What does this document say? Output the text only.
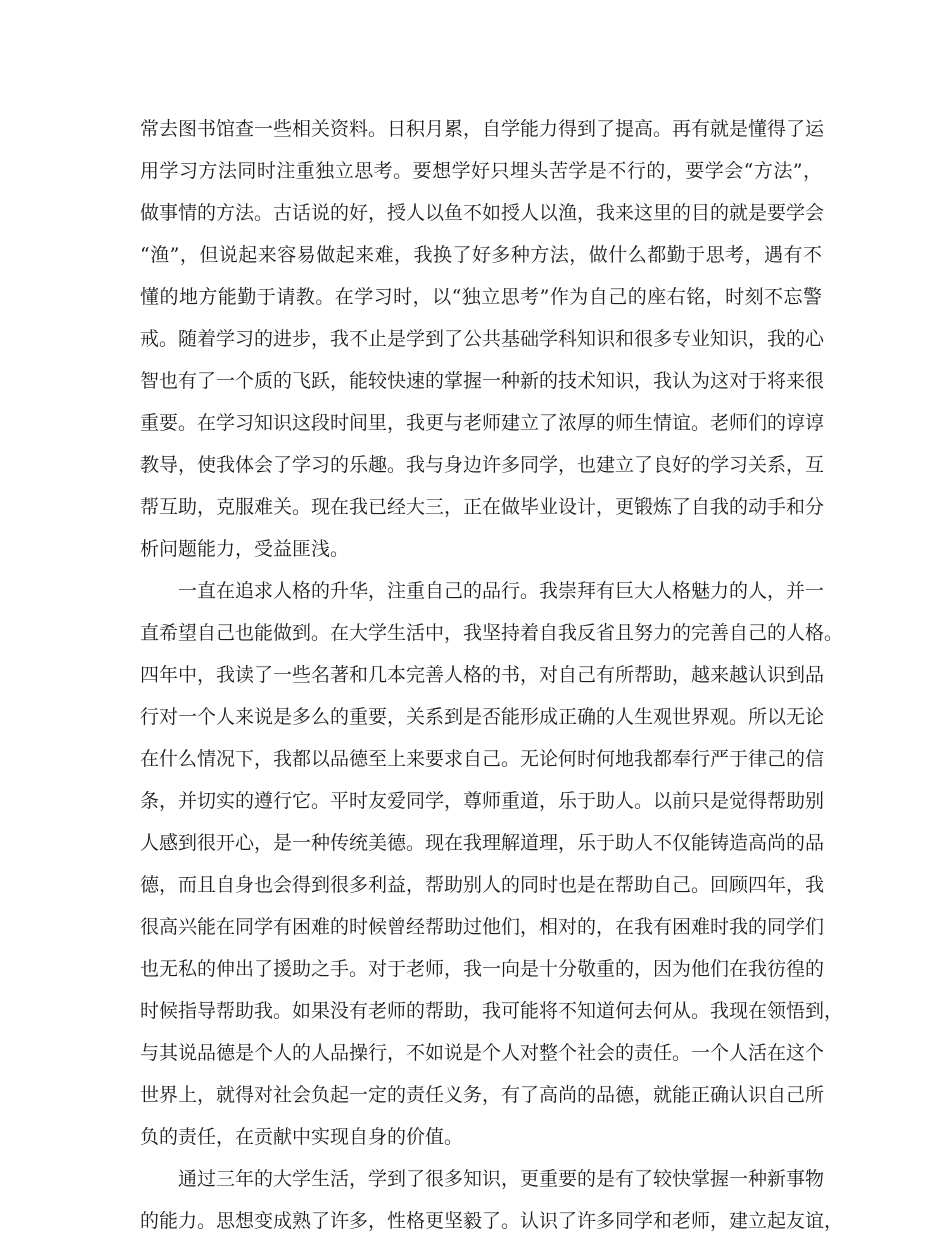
常去图书馆查一些相关资料。日积月累，自学能力得到了提高。再有就是懂得了运
用学习方法同时注重独立思考。要想学好只埋头苦学是不行的，要学会“方法”，
做事情的方法。古话说的好，授人以鱼不如授人以渔，我来这里的目的就是要学会
“渔”，但说起来容易做起来难，我换了好多种方法，做什么都勤于思考，遇有不
懂的地方能勤于请教。在学习时，以“独立思考”作为自己的座右铭，时刻不忘警
戒。随着学习的进步，我不止是学到了公共基础学科知识和很多专业知识，我的心
智也有了一个质的飞跃，能较快速的掌握一种新的技术知识，我认为这对于将来很
重要。在学习知识这段时间里，我更与老师建立了浓厚的师生情谊。老师们的谆谆
教导，使我体会了学习的乐趣。我与身边许多同学，也建立了良好的学习关系，互
帮互助，克服难关。现在我已经大三，正在做毕业设计，更锻炼了自我的动手和分
析问题能力，受益匪浅。
一直在追求人格的升华，注重自己的品行。我崇拜有巨大人格魅力的人，并一
直希望自己也能做到。在大学生活中，我坚持着自我反省且努力的完善自己的人格。
四年中，我读了一些名著和几本完善人格的书，对自己有所帮助，越来越认识到品
行对一个人来说是多么的重要，关系到是否能形成正确的人生观世界观。所以无论
在什么情况下，我都以品德至上来要求自己。无论何时何地我都奉行严于律己的信
条，并切实的遵行它。平时友爱同学，尊师重道，乐于助人。以前只是觉得帮助别
人感到很开心，是一种传统美德。现在我理解道理，乐于助人不仅能铸造高尚的品
德，而且自身也会得到很多利益，帮助别人的同时也是在帮助自己。回顾四年，我
很高兴能在同学有困难的时候曾经帮助过他们，相对的，在我有困难时我的同学们
也无私的伸出了援助之手。对于老师，我一向是十分敬重的，因为他们在我彷徨的
时候指导帮助我。如果没有老师的帮助，我可能将不知道何去何从。我现在领悟到，
与其说品德是个人的人品操行，不如说是个人对整个社会的责任。一个人活在这个
世界上，就得对社会负起一定的责任义务，有了高尚的品德，就能正确认识自己所
负的责任，在贡献中实现自身的价值。
通过三年的大学生活，学到了很多知识，更重要的是有了较快掌握一种新事物
的能力。思想变成熟了许多，性格更坚毅了。认识了许多同学和老师，建立起友谊，
